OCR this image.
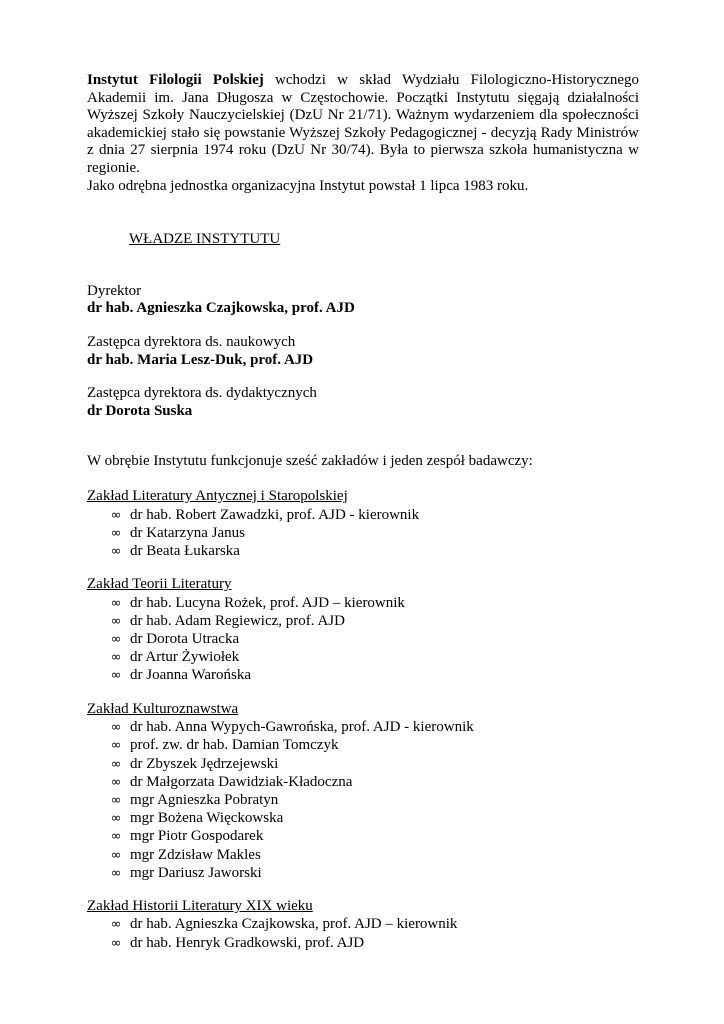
Instytut Filologii Polskiej wchodzi w skład Wydziału Filologiczno-Historycznego Akademii im. Jana Długosza w Częstochowie. Początki Instytutu sięgają działalności Wyższej Szkoły Nauczycielskiej (DzU Nr 21/71). Ważnym wydarzeniem dla społeczności akademickiej stało się powstanie Wyższej Szkoły Pedagogicznej - decyzją Rady Ministrów z dnia 27 sierpnia 1974 roku (DzU Nr 30/74). Była to pierwsza szkoła humanistyczna w regionie.

Jako odrębna jednostka organizacyjna Instytut powstał 1 lipca 1983 roku.

WŁADZE INSTYTUTU
Dyrektor
dr hab. Agnieszka Czajkowska, prof. AJD
Zastępca dyrektora ds. naukowych
dr hab. Maria Lesz-Duk, prof. AJD
Zastępca dyrektora ds. dydaktycznych
dr Dorota Suska
W obrębie Instytutu funkcjonuje sześć zakładów i jeden zespół badawczy:
Zakład Literatury Antycznej i Staropolskiej
∞ dr hab. Robert Zawadzki, prof. AJD - kierownik
∞ dr Katarzyna Janus
∞ dr Beata Łukarska
Zakład Teorii Literatury
∞ dr hab. Lucyna Rożek, prof. AJD – kierownik
∞ dr hab. Adam Regiewicz, prof. AJD
∞ dr Dorota Utracka
∞ dr Artur Żywiołek
∞ dr Joanna Warońska
Zakład Kulturoznawstwa
∞ dr hab. Anna Wypych-Gawrońska, prof. AJD - kierownik
∞ prof. zw. dr hab. Damian Tomczyk
∞ dr Zbyszek Jędrzejewski
∞ dr Małgorzata Dawidziak-Kładoczna
∞ mgr Agnieszka Pobratyn
∞ mgr Bożena Więckowska
∞ mgr Piotr Gospodarek
∞ mgr Zdzisław Makles
∞ mgr Dariusz Jaworski
Zakład Historii Literatury XIX wieku
∞ dr hab. Agnieszka Czajkowska, prof. AJD – kierownik
∞ dr hab. Henryk Gradkowski, prof. AJD
